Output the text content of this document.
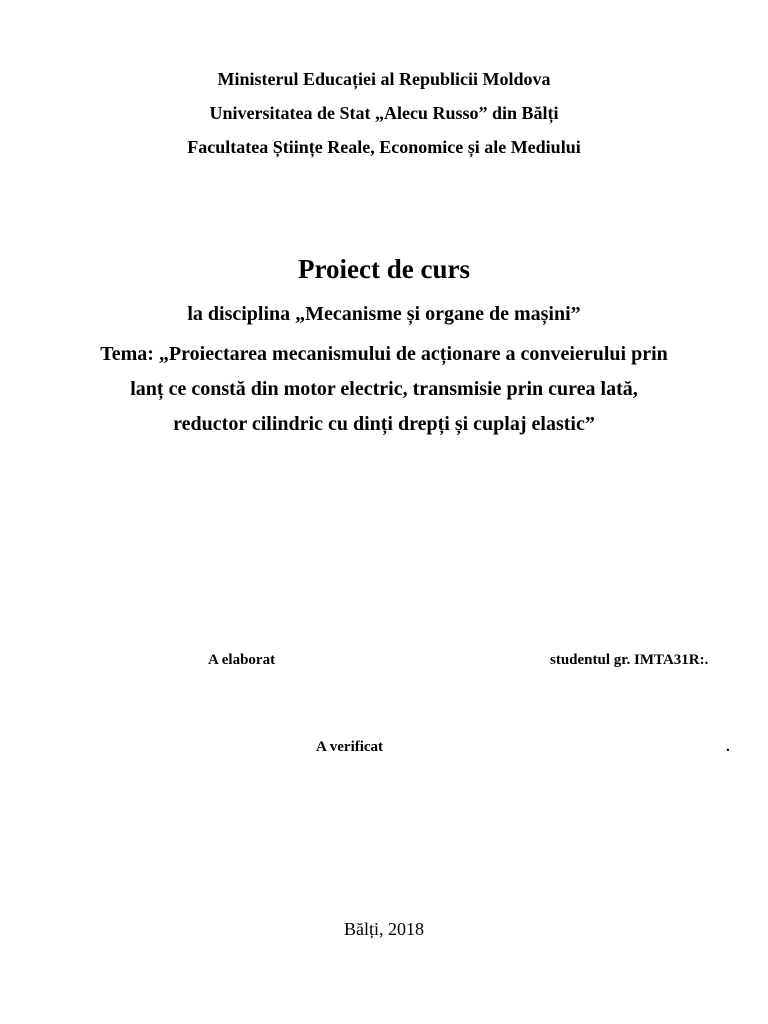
Ministerul Educației al Republicii Moldova
Universitatea de Stat „Alecu Russo” din Bălți
Facultatea Științe Reale, Economice și ale Mediului
Proiect de curs
la disciplina „Mecanisme și organe de mașini”
Tema: „Proiectarea mecanismului de acționare a conveierului prin
lanț ce constă din motor electric, transmisie prin curea lată,
reductor cilindric cu dinți drepți și cuplaj elastic”
A elaborat	studentul gr. IMTA31R:.
A verificat	.
Bălți, 2018
